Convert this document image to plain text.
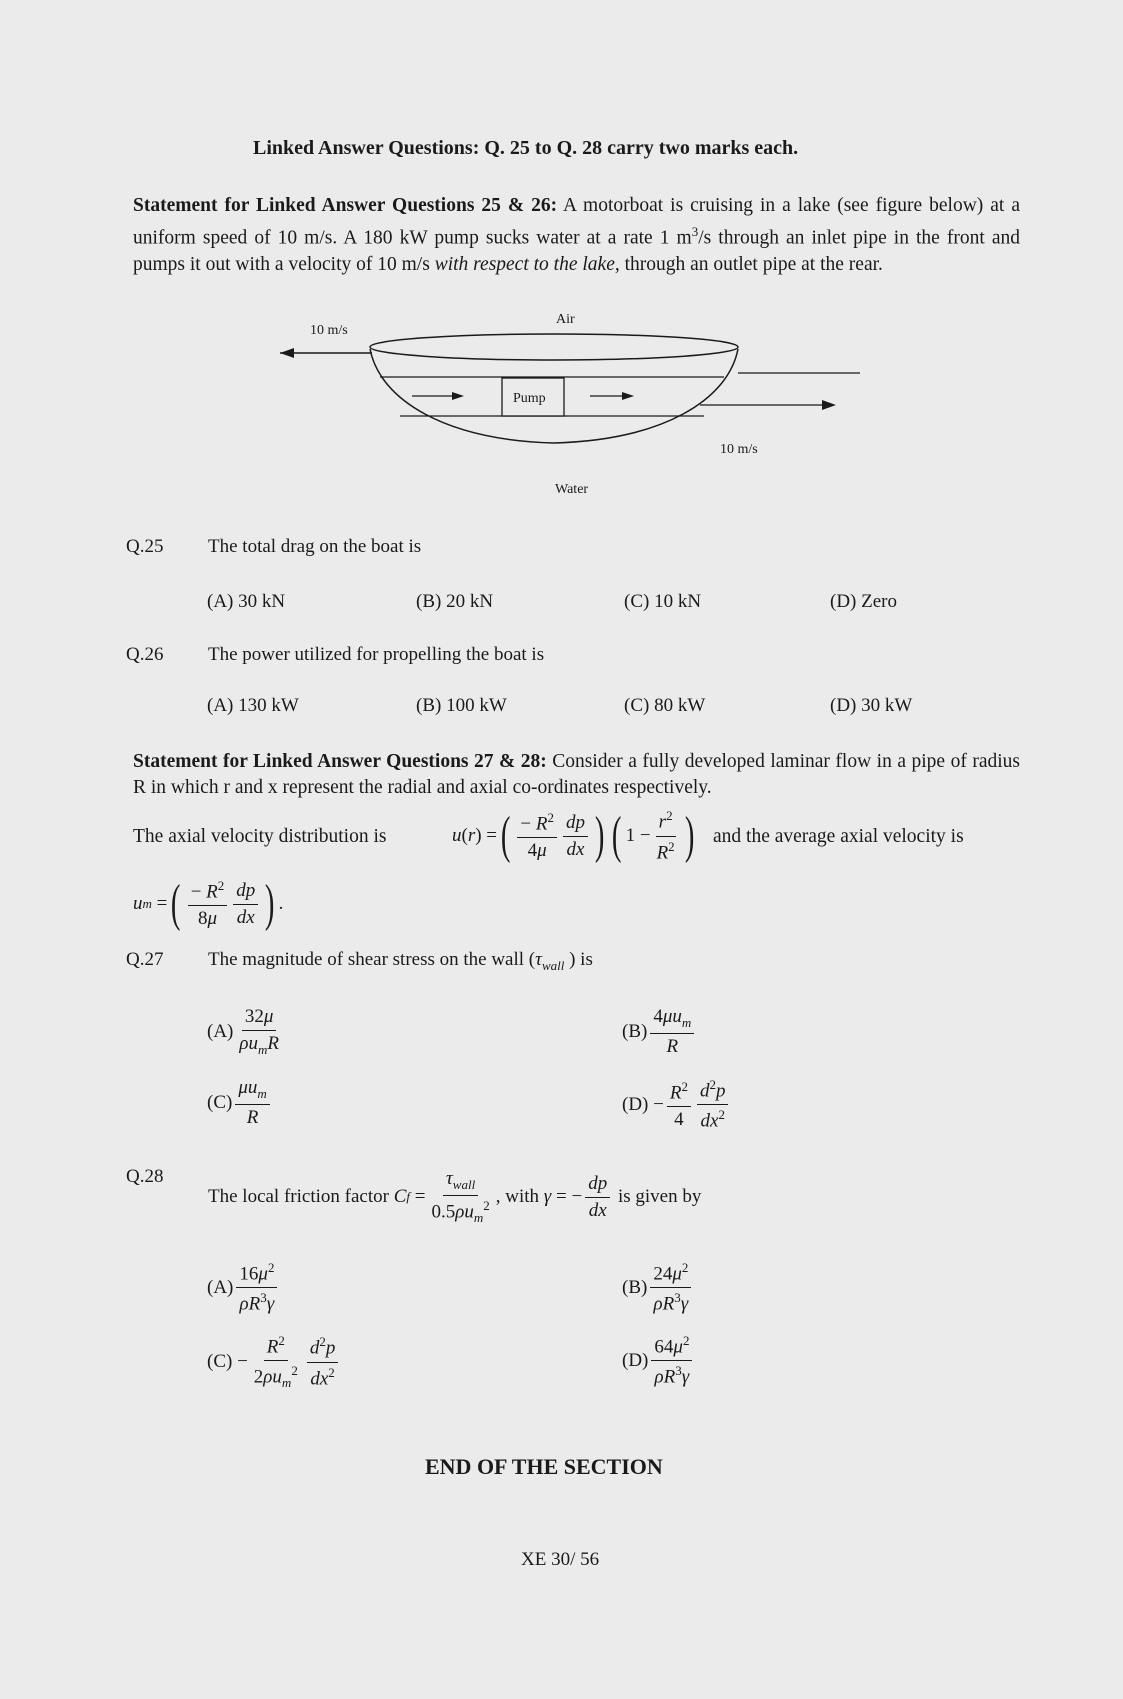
Linked Answer Questions: Q. 25 to Q. 28 carry two marks each.
Statement for Linked Answer Questions 25 & 26: A motorboat is cruising in a lake (see figure below) at a uniform speed of 10 m/s. A 180 kW pump sucks water at a rate 1 $m^3/s$ through an inlet pipe in the front and pumps it out with a velocity of 10 m/s with respect to the lake, through an outlet pipe at the rear.
Air
10 m/s
Pump
10 m/s
Water
Q.25 The total drag on the boat is
(A) 30 kN	(B) 20 kN	(C) 10 kN	(D) Zero
Q.26 The power utilized for propelling the boat is
(A) 130 kW	(B) 100 kW	(C) 80 kW	(D) 30 kW
Statement for Linked Answer Questions 27 & 28: Consider a fully developed laminar flow in a pipe of radius R in which r and x represent the radial and axial co-ordinates respectively.
The axial velocity distribution is	u ( r ) = ( $\frac{- R^2}{4\mu} \frac{dp}{dx}$ ) ( $1 - \frac{r^2}{R^2}$ ) and the average axial velocity is
u m = ( $\frac{- R^2}{8\mu} \frac{dp}{dx}$ ) .
Q.27 The magnitude of shear stress on the wall ($\tau_{wall}$ ) is
$(A) \frac{32\mu}{\rho u_mR}$	$(B) \frac{4\mu u_m}{R}$
$(C) \frac{\mu u_m}{R}$	$(D) - \frac{R^2}{4} \frac{d^2p}{dx^2}$
Q.28
The local friction factor
C $f = \frac{\tau_{wall}}{0.5\rho u_m^2}$ , with
γ = − $\frac{dp}{dx}$
is given by
$(A) \frac{16\mu^2}{\rho R^3\gamma}$	$(B) \frac{24\mu^2}{\rho R^3\gamma}$
$(C) - \frac{R^2}{2\rho u_m^2} \frac{d^2p}{dx^2}$	$(D) \frac{64\mu^2}{\rho R^3\gamma}$
END OF THE SECTION
XE 30/ 56
